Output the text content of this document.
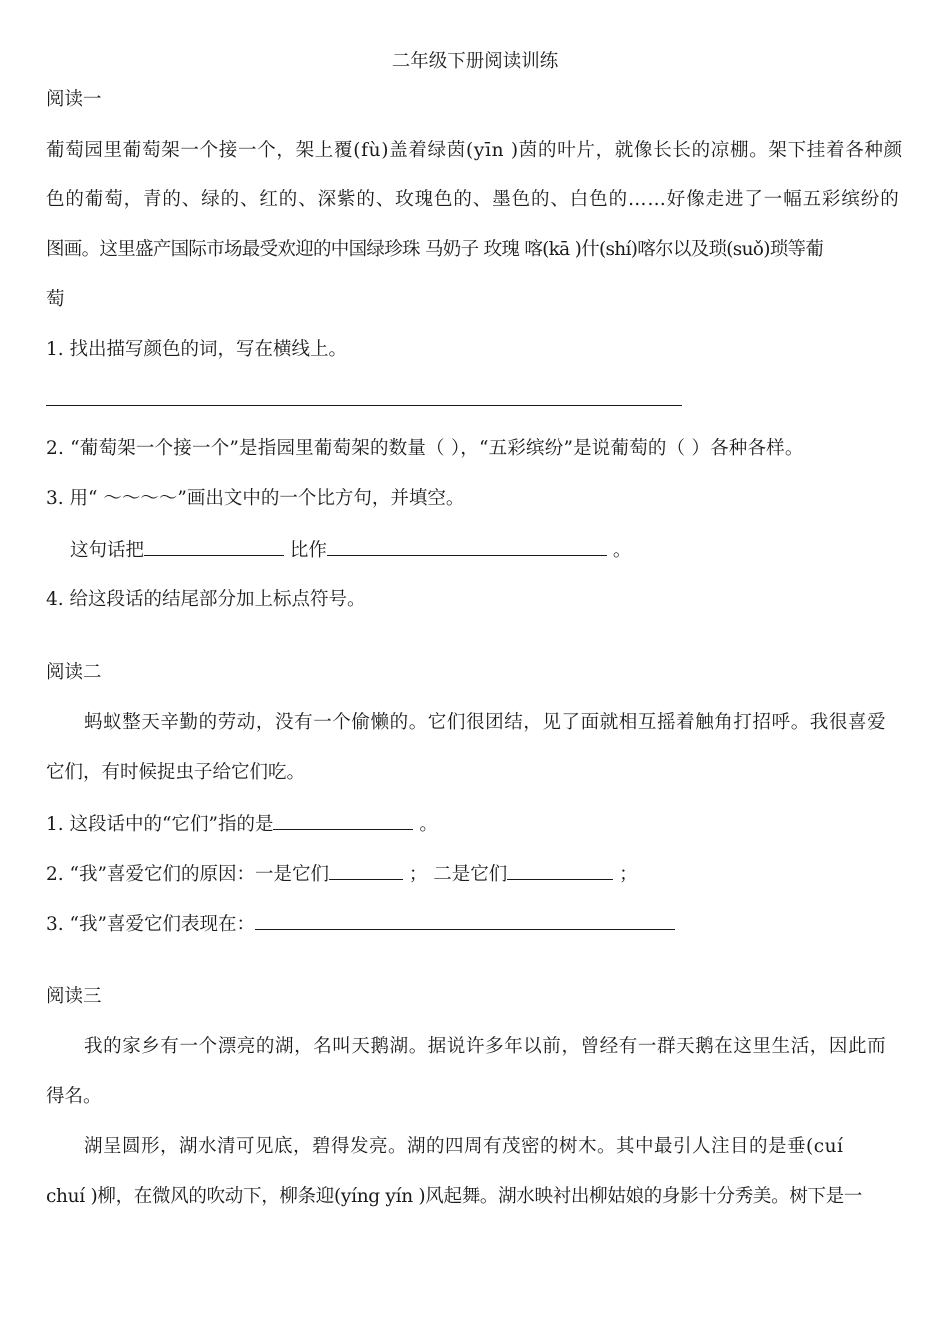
二年级下册阅读训练
阅读一
葡萄园里葡萄架一个接一个，架上覆(fù)盖着绿茵(yīn )茵的叶片，就像长长的凉棚。架下挂着各种颜
色的葡萄，青的、绿的、红的、深紫的、玫瑰色的、墨色的、白色的……好像走进了一幅五彩缤纷的
图画。这里盛产国际市场最受欢迎的中国绿珍珠 马奶子 玫瑰 喀(kā )什(shí)喀尔以及琐(suǒ)琐等葡
萄
1. 找出描写颜色的词，写在横线上。
2. “葡萄架一个接一个”是指园里葡萄架的数量（ ），“五彩缤纷”是说葡萄的（ ）各种各样。
3. 用“ ～～～～”画出文中的一个比方句，并填空。
这句话把	比作	。
4. 给这段话的结尾部分加上标点符号。
阅读二
蚂蚁整天辛勤的劳动，没有一个偷懒的。它们很团结，见了面就相互摇着触角打招呼。我很喜爱
它们，有时候捉虫子给它们吃。
1. 这段话中的“它们”指的是	。
2. “我”喜爱它们的原因：一是它们	； 二是它们	；
3. “我”喜爱它们表现在：
阅读三
我的家乡有一个漂亮的湖，名叫天鹅湖。据说许多年以前，曾经有一群天鹅在这里生活，因此而
得名。
湖呈圆形，湖水清可见底，碧得发亮。湖的四周有茂密的树木。其中最引人注目的是垂(cuí
chuí )柳，在微风的吹动下，柳条迎(yíng yín )风起舞。湖水映衬出柳姑娘的身影十分秀美。树下是一
